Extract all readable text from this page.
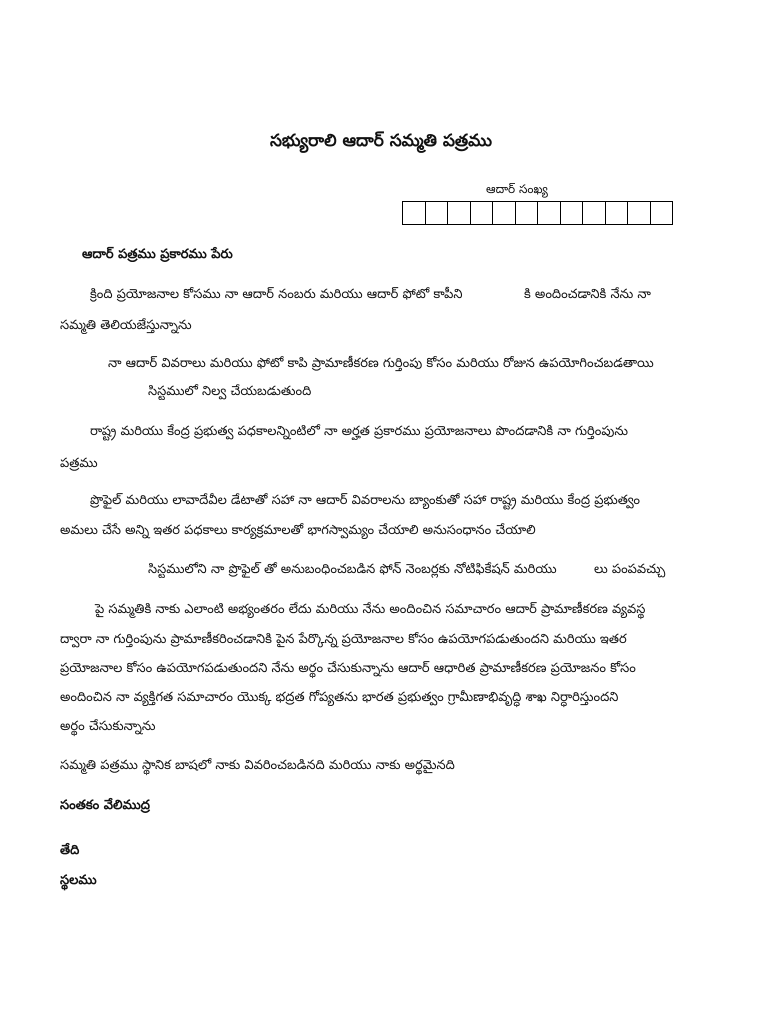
సభ్యురాలి ఆదార్ సమ్మతి పత్రము
ఆదార్ సంఖ్య
ఆదార్ పత్రము ప్రకారము పేరు
క్రింది ప్రయోజనాల కోసము నా ఆదార్ నంబరు మరియు ఆదార్ ఫోటో కాపీని	కి అందించడానికి నేను నా
సమ్మతి తెలియజేస్తున్నాను
నా ఆదార్ వివరాలు మరియు ఫోటో కాపి ప్రామాణీకరణ గుర్తింపు కోసం మరియు రోజున ఉపయోగించబడతాయి
సిస్టములో నిల్వ చేయబడుతుంది
రాష్ట్ర మరియు కేంద్ర ప్రభుత్వ పధకాలన్నింటిలో నా అర్హత ప్రకారము ప్రయోజనాలు పొందడానికి నా గుర్తింపును
పత్రము
ప్రొఫైల్ మరియు లావాదేవీల డేటాతో సహా నా ఆదార్ వివరాలను బ్యాంకుతో సహా రాష్ట్ర మరియు కేంద్ర ప్రభుత్వం
అమలు చేసే అన్ని ఇతర పధకాలు కార్యక్రమాలతో భాగస్వామ్యం చేయాలి అనుసంధానం చేయాలి
సిస్టములోని నా ప్రొఫైల్ తో అనుబంధించబడిన ఫోన్ నెంబర్లకు నోటిఫికేషన్ మరియు	లు పంపవచ్చు
పై సమ్మతికి నాకు ఎలాంటి అభ్యంతరం లేదు మరియు నేను అందించిన సమాచారం ఆదార్ ప్రామాణీకరణ వ్యవస్థ
ద్వారా నా గుర్తింపును ప్రామాణీకరించడానికి పైన పేర్కొన్న ప్రయోజనాల కోసం ఉపయోగపడుతుందని మరియు ఇతర
ప్రయోజనాల కోసం ఉపయోగపడుతుందని నేను అర్థం చేసుకున్నాను ఆదార్ ఆధారిత ప్రామాణీకరణ ప్రయోజనం కోసం
అందించిన నా వ్యక్తిగత సమాచారం యొక్క భద్రత గోప్యతను భారత ప్రభుత్వం గ్రామీణాభివృద్ధి శాఖ నిర్ధారిస్తుందని
అర్థం చేసుకున్నాను
సమ్మతి పత్రము స్థానిక బాషలో నాకు వివరించబడినది మరియు నాకు అర్థమైనది
సంతకం వేలిముద్ర
తేది
స్థలము
